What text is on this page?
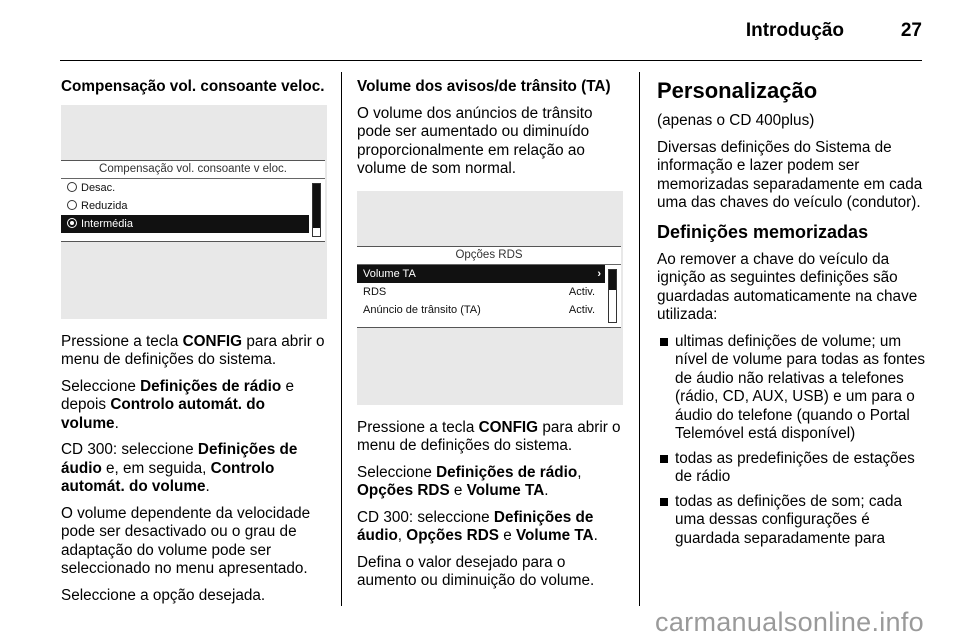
Introdução	27

Compensação vol. consoante veloc.

Compensação vol. consoante v eloc.
Desac.
Reduzida
Intermédia

Pressione a tecla CONFIG para abrir o menu de definições do sistema.

Seleccione Definições de rádio e depois Controlo automát. do volume.

CD 300: seleccione Definições de áudio e, em seguida, Controlo automát. do volume.

O volume dependente da velocidade pode ser desactivado ou o grau de adaptação do volume pode ser seleccionado no menu apresentado.

Seleccione a opção desejada.

Volume dos avisos/de trânsito (TA)

O volume dos anúncios de trânsito pode ser aumentado ou diminuído proporcionalmente em relação ao volume de som normal.

Opções RDS
Volume TA	›
RDS	Activ.
Anúncio de trânsito (TA)	Activ.

Pressione a tecla CONFIG para abrir o menu de definições do sistema.

Seleccione Definições de rádio, Opções RDS e Volume TA.

CD 300: seleccione Definições de áudio, Opções RDS e Volume TA.

Defina o valor desejado para o aumento ou diminuição do volume.

Personalização

(apenas o CD 400plus)

Diversas definições do Sistema de informação e lazer podem ser memorizadas separadamente em cada uma das chaves do veículo (condutor).

Definições memorizadas

Ao remover a chave do veículo da ignição as seguintes definições são guardadas automaticamente na chave utilizada:

ultimas definições de volume; um nível de volume para todas as fontes de áudio não relativas a telefones (rádio, CD, AUX, USB) e um para o áudio do telefone (quando o Portal Telemóvel está disponível)
todas as predefinições de estações de rádio
todas as definições de som; cada uma dessas configurações é guardada separadamente para
carmanualsonline.info
